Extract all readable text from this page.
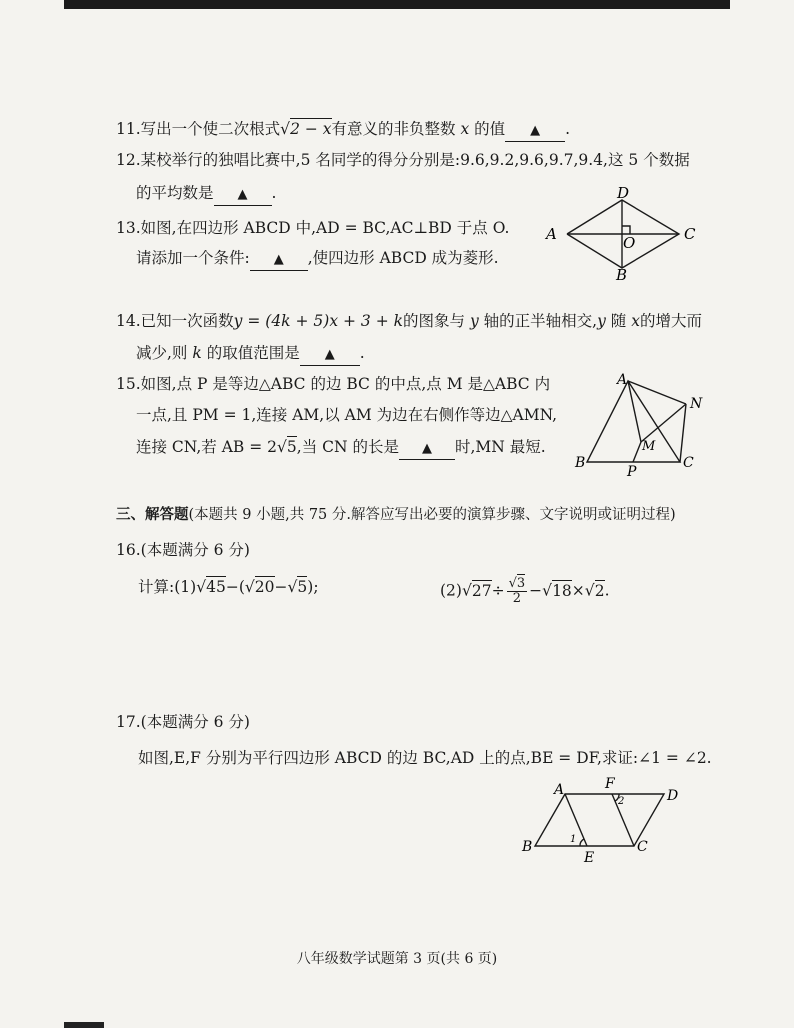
11.写出一个使二次根式√2 − x有意义的非负整数 x 的值 ▲ .
12.某校举行的独唱比赛中,5 名同学的得分分别是:9.6,9.2,9.6,9.7,9.4,这 5 个数据
的平均数是 ▲ .
13.如图,在四边形 ABCD 中,AD = BC,AC⊥BD 于点 O.
请添加一个条件: ▲ ,使四边形 ABCD 成为菱形.
D
A	C
O
B
14.已知一次函数y = (4k + 5)x + 3 + k的图象与 y 轴的正半轴相交,y 随 x的增大而
减少,则 k 的取值范围是 ▲ .
15.如图,点 P 是等边△ABC 的边 BC 的中点,点 M 是△ABC 内
一点,且 PM = 1,连接 AM,以 AM 为边在右侧作等边△AMN,
连接 CN,若 AB = 2√5,当 CN 的长是 ▲ 时,MN 最短.
A
N
M
B	C
P
三、解答题(本题共 9 小题,共 75 分.解答应写出必要的演算步骤、文字说明或证明过程)
16.(本题满分 6 分)
计算:(1)√45−(√20−√5);	$(2)√27\div \frac{√3}{2} -√18\times√2$.
17.(本题满分 6 分)
如图,E,F 分别为平行四边形 ABCD 的边 BC,AD 上的点,BE = DF,求证:∠1 = ∠2.
A	F
2	D
1
B
E
C
八年级数学试题第 3 页(共 6 页)
